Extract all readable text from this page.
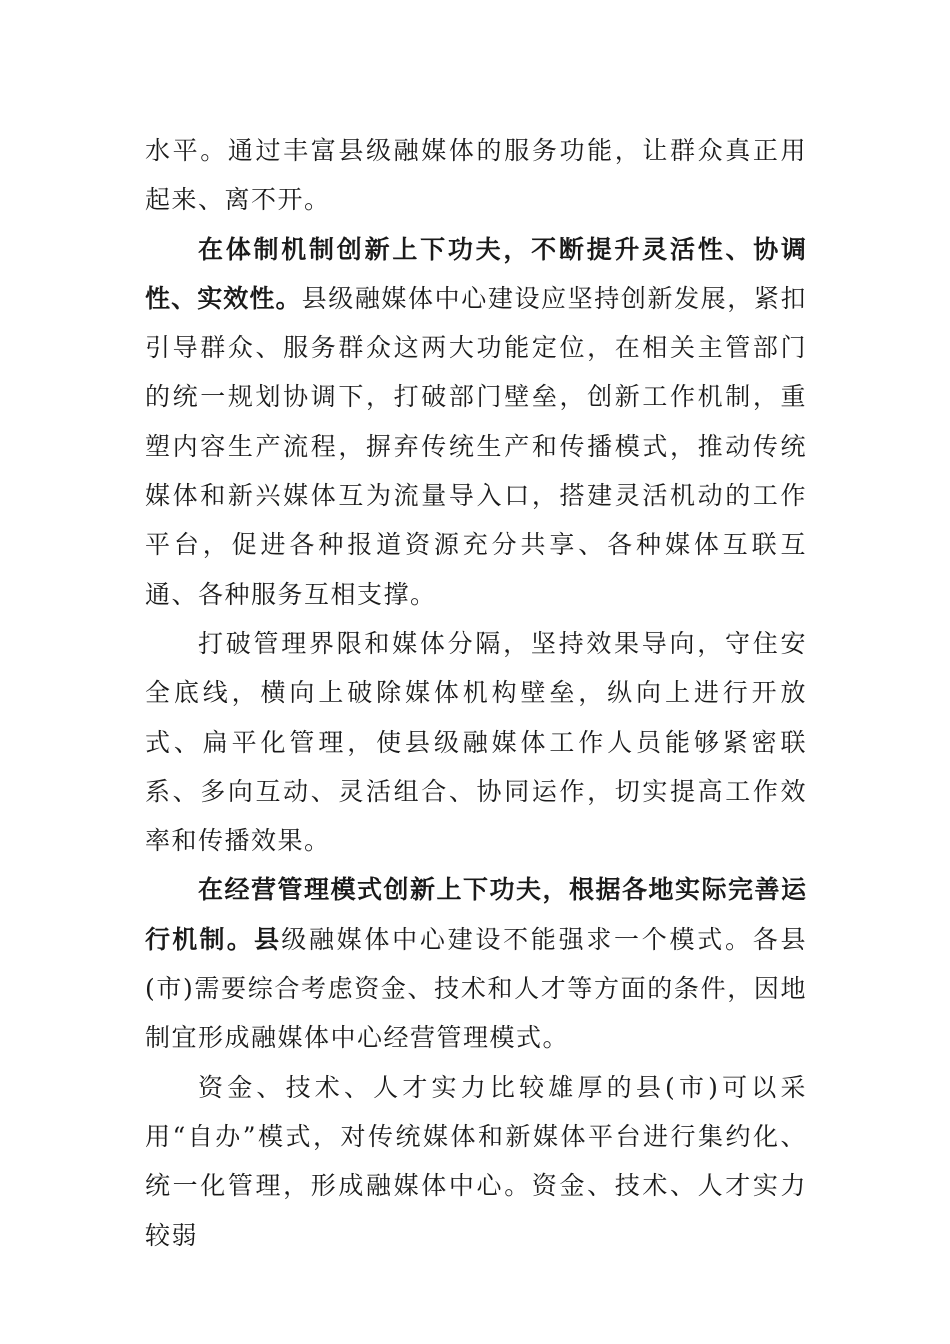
水平。通过丰富县级融媒体的服务功能，让群众真正用起来、离不开。

在体制机制创新上下功夫，不断提升灵活性、协调性、实效性。县级融媒体中心建设应坚持创新发展，紧扣引导群众、服务群众这两大功能定位，在相关主管部门的统一规划协调下，打破部门壁垒，创新工作机制，重塑内容生产流程，摒弃传统生产和传播模式，推动传统媒体和新兴媒体互为流量导入口，搭建灵活机动的工作平台，促进各种报道资源充分共享、各种媒体互联互通、各种服务互相支撑。

打破管理界限和媒体分隔，坚持效果导向，守住安全底线，横向上破除媒体机构壁垒，纵向上进行开放式、扁平化管理，使县级融媒体工作人员能够紧密联系、多向互动、灵活组合、协同运作，切实提高工作效率和传播效果。

在经营管理模式创新上下功夫，根据各地实际完善运行机制。县级融媒体中心建设不能强求一个模式。各县(市)需要综合考虑资金、技术和人才等方面的条件，因地制宜形成融媒体中心经营管理模式。

资金、技术、人才实力比较雄厚的县(市)可以采用“自办”模式，对传统媒体和新媒体平台进行集约化、统一化管理，形成融媒体中心。资金、技术、人才实力较弱
